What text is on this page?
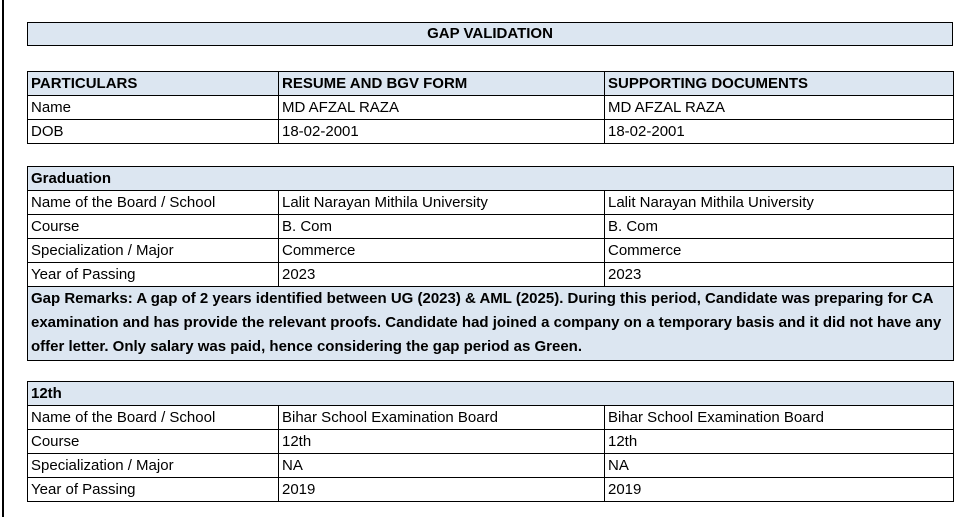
GAP VALIDATION
PARTICULARS	RESUME AND BGV FORM	SUPPORTING DOCUMENTS
Name	MD AFZAL RAZA	MD AFZAL RAZA
DOB	18-02-2001	18-02-2001
Graduation		
Name of the Board / School	Lalit Narayan Mithila University	Lalit Narayan Mithila University
Course	B. Com	B. Com
Specialization / Major	Commerce	Commerce
Year of Passing	2023	2023
Gap Remarks: A gap of 2 years identified between UG (2023) & AML (2025). During this period, Candidate was preparing for CA examination and has provide the relevant proofs. Candidate had joined a company on a temporary basis and it did not have any offer letter. Only salary was paid, hence considering the gap period as Green.		
12th		
Name of the Board / School	Bihar School Examination Board	Bihar School Examination Board
Course	12th	12th
Specialization / Major	NA	NA
Year of Passing	2019	2019
